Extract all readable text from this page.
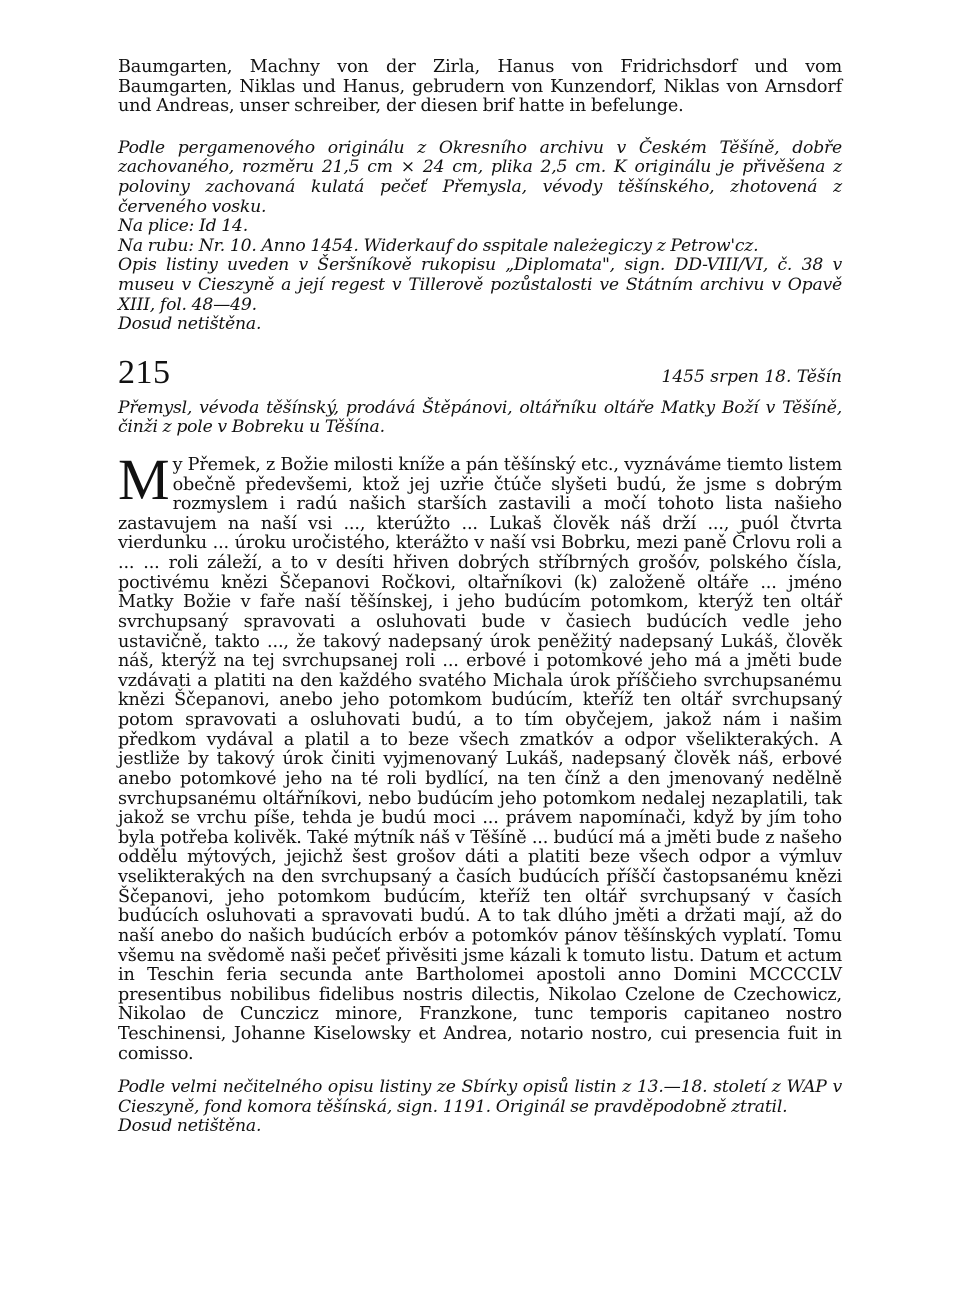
Baumgarten, Machny von der Zirla, Hanus von Fridrichsdorf und vom Baumgarten, Niklas und Hanus, gebrudern von Kunzendorf, Niklas von Arnsdorf und Andreas, unser schreiber, der diesen brif hatte in befelunge.

Podle pergamenového originálu z Okresního archivu v Českém Těšíně, dobře zachovaného, rozměru 21,5 cm × 24 cm, plika 2,5 cm. K originálu je přivěšena z poloviny zachovaná kulatá pečeť Přemysla, vévody těšínského, zhotovená z červeného vosku.

Na plice: Id 14.

Na rubu: Nr. 10. Anno 1454. Widerkauf do sspitale należegiczy z Petrow'cz.

Opis listiny uveden v Šeršníkově rukopisu „Diplomata", sign. DD-VIII/VI, č. 38 v museu v Cieszyně a její regest v Tillerově pozůstalosti ve Státním archivu v Opavě XIII, fol. 48—49.

Dosud netištěna.

215	1455 srpen 18. Těšín

Přemysl, vévoda těšínský, prodává Štěpánovi, oltářníku oltáře Matky Boží v Těšíně, činži z pole v Bobreku u Těšína.

M y Přemek, z Božie milosti kníže a pán těšínský etc., vyznáváme tiemto listem obečně předevšemi, ktož jej uzřie čtúče slyšeti budú, že jsme s dobrým rozmyslem i radú našich starších zastavili a močí tohoto lista našieho zastavujem na naší vsi ..., kterúžto ... Lukaš člověk náš drží ..., puól čtvrta vierdunku ... úroku uročistého, kterážto v naší vsi Bobrku, mezi paně Črlovu roli a ... ... roli záleží, a to v desíti hřiven dobrých stříbrných grošóv, polského čísla, poctivému knězi Ščepanovi Ročkovi, oltařníkovi (k) založeně oltáře ... jméno Matky Božie v faře naší těšínskej, i jeho budúcím potomkom, kterýž ten oltář svrchupsaný spravovati a osluhovati bude v časiech budúcích vedle jeho ustavičně, takto ..., že takový nadepsaný úrok peněžitý nadepsaný Lukáš, člověk náš, kterýž na tej svrchupsanej roli ... erbové i potomkové jeho má a jměti bude vzdávati a platiti na den každého svatého Michala úrok příščieho svrchupsanému knězi Ščepanovi, anebo jeho potomkom budúcím, kteříž ten oltář svrchupsaný potom spravovati a osluhovati budú, a to tím obyčejem, jakož nám i našim předkom vydával a platil a to beze všech zmatkóv a odpor všelikterakých. A jestliže by takový úrok činiti vyjmenovaný Lukáš, nadepsaný člověk náš, erbové anebo potomkové jeho na té roli bydlící, na ten čínž a den jmenovaný nedělně svrchupsanému oltářníkovi, nebo budúcím jeho potomkom nedalej nezaplatili, tak jakož se vrchu píše, tehda je budú moci ... právem napomínači, když by jím toho byla potřeba kolivěk. Také mýtník náš v Těšíně ... budúcí má a jměti bude z našeho oddělu mýtových, jejichž šest grošov dáti a platiti beze všech odpor a výmluv vselikterakých na den svrchupsaný a časích budúcích příščí častopsanému knězi Ščepanovi, jeho potomkom budúcím, kteříž ten oltář svrchupsaný v časích budúcích osluhovati a spravovati budú. A to tak dlúho jměti a držati mají, až do naší anebo do našich budúcích erbóv a potomkóv pánov těšínských vyplatí. Tomu všemu na svědomě naši pečeť přivěsiti jsme kázali k tomuto listu. Datum et actum in Teschin feria secunda ante Bartholomei apostoli anno Domini MCCCCLV presentibus nobilibus fidelibus nostris dilectis, Nikolao Czelone de Czechowicz, Nikolao de Cunczicz minore, Franzkone, tunc temporis capitaneo nostro Teschinensi, Johanne Kiselowsky et Andrea, notario nostro, cui presencia fuit in comisso.

Podle velmi nečitelného opisu listiny ze Sbírky opisů listin z 13.—18. století z WAP v Cieszyně, fond komora těšínská, sign. 1191. Originál se pravděpodobně ztratil.

Dosud netištěna.
